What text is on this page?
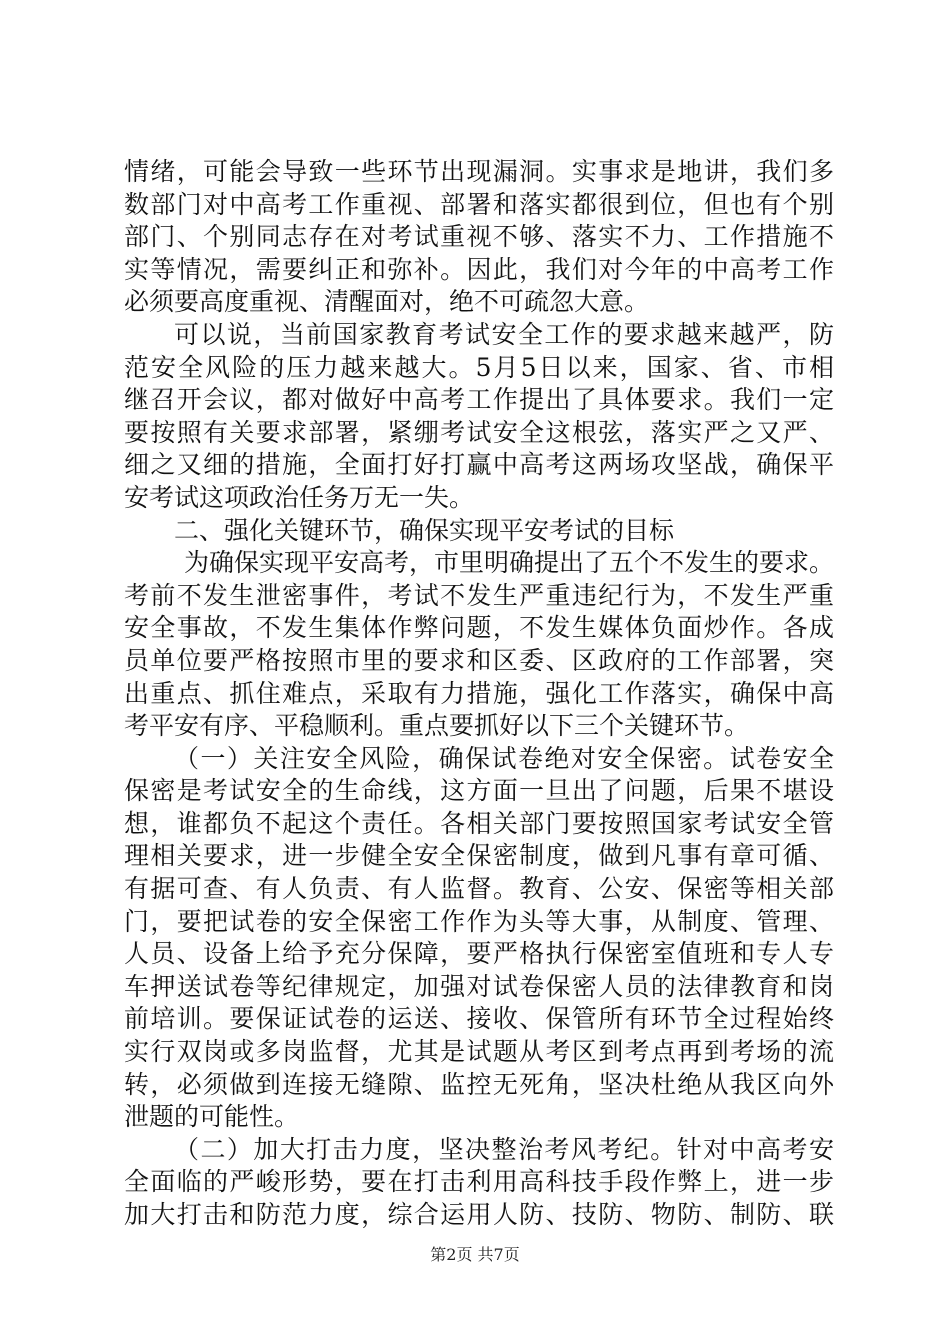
情绪，可能会导致一些环节出现漏洞。实事求是地讲，我们多
数部门对中高考工作重视、部署和落实都很到位，但也有个别
部门、个别同志存在对考试重视不够、落实不力、工作措施不
实等情况，需要纠正和弥补。因此，我们对今年的中高考工作
必须要高度重视、清醒面对，绝不可疏忽大意。
可以说，当前国家教育考试安全工作的要求越来越严，防
范安全风险的压力越来越大。5月5日以来，国家、省、市相
继召开会议，都对做好中高考工作提出了具体要求。我们一定
要按照有关要求部署，紧绷考试安全这根弦，落实严之又严、
细之又细的措施，全面打好打赢中高考这两场攻坚战，确保平
安考试这项政治任务万无一失。
二、强化关键环节，确保实现平安考试的目标
为确保实现平安高考，市里明确提出了五个不发生的要求。
考前不发生泄密事件，考试不发生严重违纪行为，不发生严重
安全事故，不发生集体作弊问题，不发生媒体负面炒作。各成
员单位要严格按照市里的要求和区委、区政府的工作部署，突
出重点、抓住难点，采取有力措施，强化工作落实，确保中高
考平安有序、平稳顺利。重点要抓好以下三个关键环节。
（一）关注安全风险，确保试卷绝对安全保密。试卷安全
保密是考试安全的生命线，这方面一旦出了问题，后果不堪设
想，谁都负不起这个责任。各相关部门要按照国家考试安全管
理相关要求，进一步健全安全保密制度，做到凡事有章可循、
有据可查、有人负责、有人监督。教育、公安、保密等相关部
门，要把试卷的安全保密工作作为头等大事，从制度、管理、
人员、设备上给予充分保障，要严格执行保密室值班和专人专
车押送试卷等纪律规定，加强对试卷保密人员的法律教育和岗
前培训。要保证试卷的运送、接收、保管所有环节全过程始终
实行双岗或多岗监督，尤其是试题从考区到考点再到考场的流
转，必须做到连接无缝隙、监控无死角，坚决杜绝从我区向外
泄题的可能性。
（二）加大打击力度，坚决整治考风考纪。针对中高考安
全面临的严峻形势，要在打击利用高科技手段作弊上，进一步
加大打击和防范力度，综合运用人防、技防、物防、制防、联
第2页 共7页
